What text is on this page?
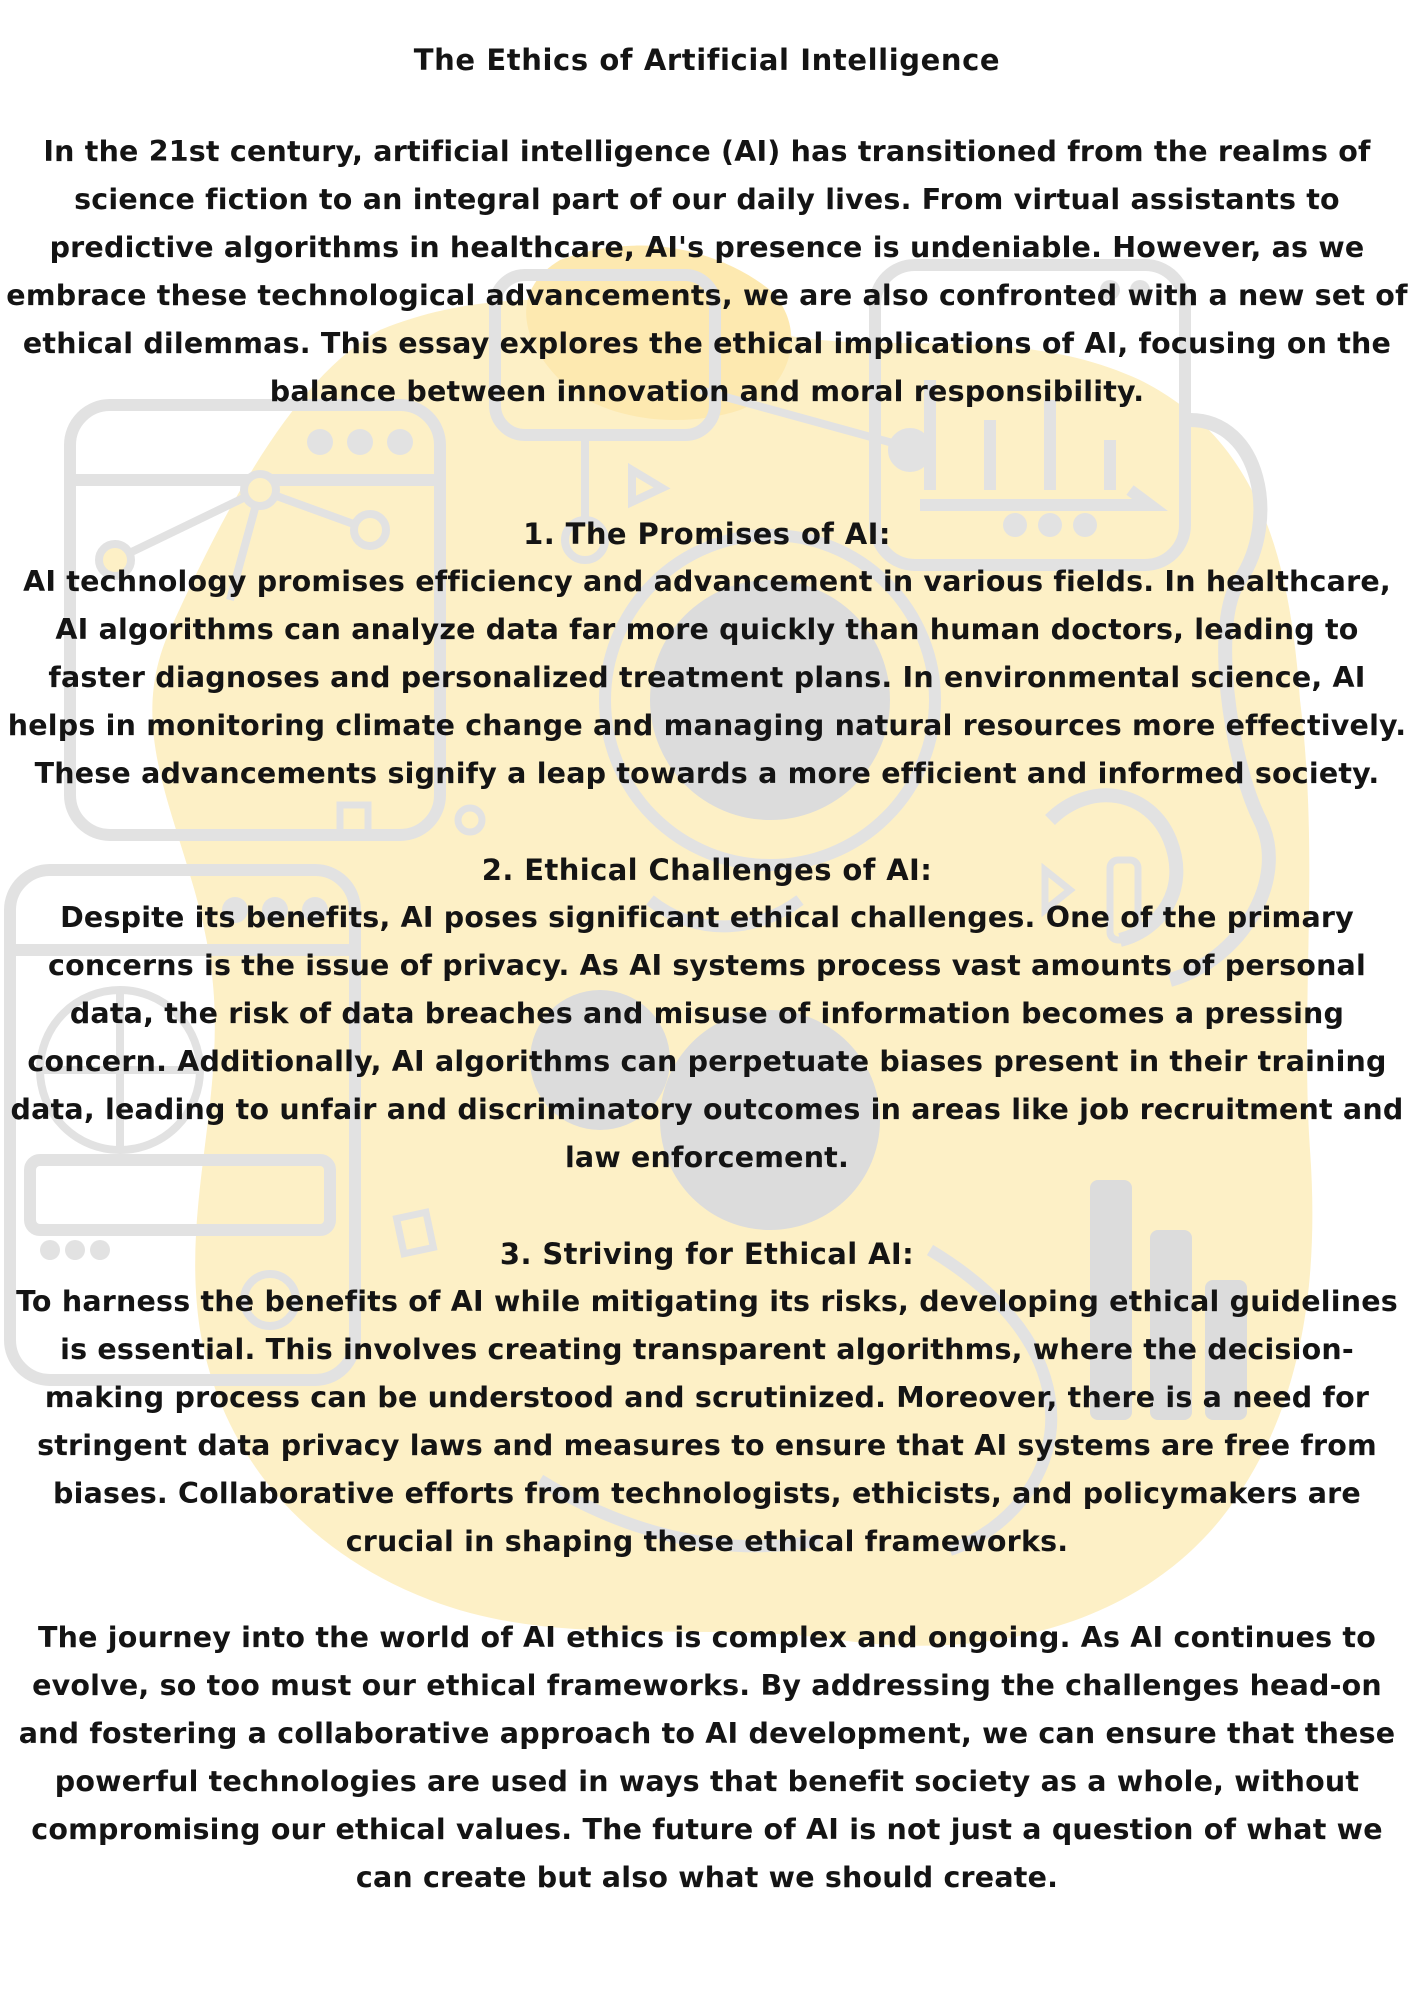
The Ethics of Artificial Intelligence

In the 21st century, artificial intelligence (AI) has transitioned from the realms of science fiction to an integral part of our daily lives. From virtual assistants to predictive algorithms in healthcare, AI's presence is undeniable. However, as we embrace these technological advancements, we are also confronted with a new set of ethical dilemmas. This essay explores the ethical implications of AI, focusing on the balance between innovation and moral responsibility.

1. The Promises of AI:

AI technology promises efficiency and advancement in various fields. In healthcare, AI algorithms can analyze data far more quickly than human doctors, leading to faster diagnoses and personalized treatment plans. In environmental science, AI helps in monitoring climate change and managing natural resources more effectively. These advancements signify a leap towards a more efficient and informed society.

2. Ethical Challenges of AI:

Despite its benefits, AI poses significant ethical challenges. One of the primary concerns is the issue of privacy. As AI systems process vast amounts of personal data, the risk of data breaches and misuse of information becomes a pressing concern. Additionally, AI algorithms can perpetuate biases present in their training data, leading to unfair and discriminatory outcomes in areas like job recruitment and law enforcement.

3. Striving for Ethical AI:

To harness the benefits of AI while mitigating its risks, developing ethical guidelines is essential. This involves creating transparent algorithms, where the decision-making process can be understood and scrutinized. Moreover, there is a need for stringent data privacy laws and measures to ensure that AI systems are free from biases. Collaborative efforts from technologists, ethicists, and policymakers are crucial in shaping these ethical frameworks.

The journey into the world of AI ethics is complex and ongoing. As AI continues to evolve, so too must our ethical frameworks. By addressing the challenges head-on and fostering a collaborative approach to AI development, we can ensure that these powerful technologies are used in ways that benefit society as a whole, without compromising our ethical values. The future of AI is not just a question of what we can create but also what we should create.
